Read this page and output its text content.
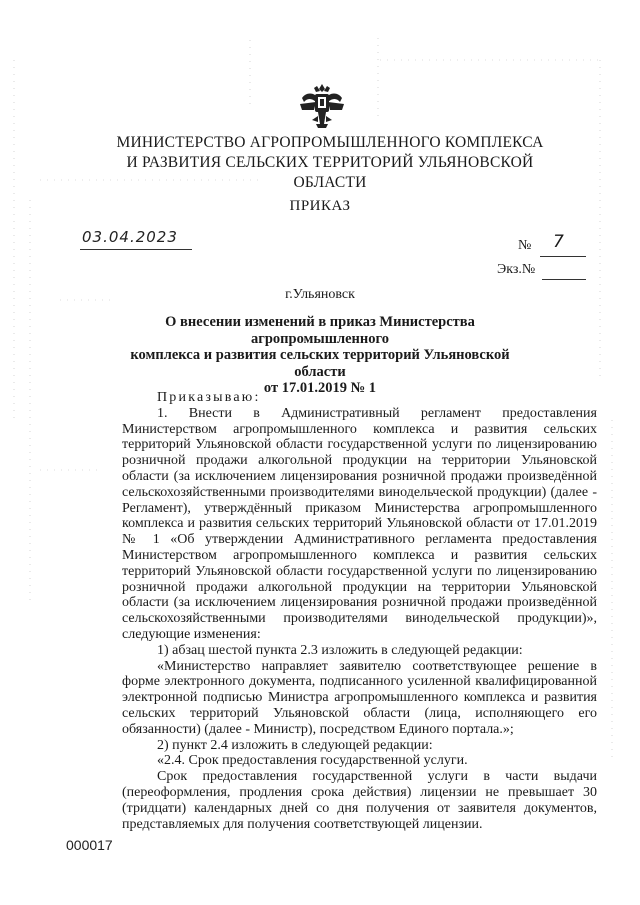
МИНИСТЕРСТВО АГРОПРОМЫШЛЕННОГО КОМПЛЕКСА
И РАЗВИТИЯ СЕЛЬСКИХ ТЕРРИТОРИЙ УЛЬЯНОВСКОЙ ОБЛАСТИ
ПРИКАЗ
03.04.2023	№ 7
Экз.№
г.Ульяновск
О внесении изменений в приказ Министерства агропромышленного
комплекса и развития сельских территорий Ульяновской области
от 17.01.2019 № 1

Приказываю:

1. Внести в Административный регламент предоставления Министерством агропромышленного комплекса и развития сельских территорий Ульяновской области государственной услуги по лицензированию розничной продажи алкогольной продукции на территории Ульяновской области (за исключением лицензирования розничной продажи произведённой сельскохозяйственными производителями винодельческой продукции) (далее - Регламент), утверждённый приказом Министерства агропромышленного комплекса и развития сельских территорий Ульяновской области от 17.01.2019 № 1 «Об утверждении Административного регламента предоставления Министерством агропромышленного комплекса и развития сельских территорий Ульяновской области государственной услуги по лицензированию розничной продажи алкогольной продукции на территории Ульяновской области (за исключением лицензирования розничной продажи произведённой сельскохозяйственными производителями винодельческой продукции)», следующие изменения:

1) абзац шестой пункта 2.3 изложить в следующей редакции:

«Министерство направляет заявителю соответствующее решение в форме электронного документа, подписанного усиленной квалифицированной электронной подписью Министра агропромышленного комплекса и развития сельских территорий Ульяновской области (лица, исполняющего его обязанности) (далее - Министр), посредством Единого портала.»;

2) пункт 2.4 изложить в следующей редакции:

«2.4. Срок предоставления государственной услуги.

Срок предоставления государственной услуги в части выдачи (переоформления, продления срока действия) лицензии не превышает 30 (тридцати) календарных дней со дня получения от заявителя документов, представляемых для получения соответствующей лицензии.

000017
